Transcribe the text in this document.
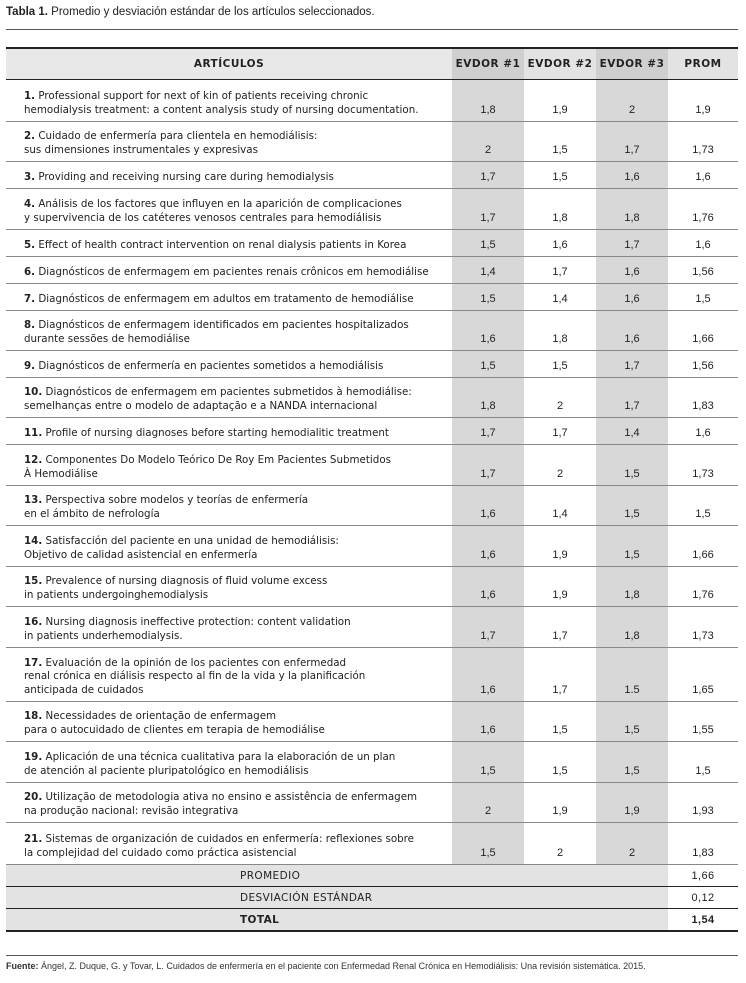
Tabla 1. Promedio y desviación estándar de los artículos seleccionados.
ARTÍCULOS	EVDOR #1	EVDOR #2	EVDOR #3	PROM

1. Professional support for next of kin of patients receiving chronic
hemodialysis treatment: a content analysis study of nursing documentation.	1,8	1,9	2	1,9

2. Cuidado de enfermería para clientela en hemodiálisis:
sus dimensiones instrumentales y expresivas	2	1,5	1,7	1,73

3. Providing and receiving nursing care during hemodialysis	1,7	1,5	1,6	1,6

4. Análisis de los factores que influyen en la aparición de complicaciones
y supervivencia de los catéteres venosos centrales para hemodiálisis	1,7	1,8	1,8	1,76

5. Effect of health contract intervention on renal dialysis patients in Korea	1,5	1,6	1,7	1,6

6. Diagnósticos de enfermagem em pacientes renais crônicos em hemodiálise	1,4	1,7	1,6	1,56

7. Diagnósticos de enfermagem em adultos em tratamento de hemodiálise	1,5	1,4	1,6	1,5

8. Diagnósticos de enfermagem identificados em pacientes hospitalizados
durante sessões de hemodiálise	1,6	1,8	1,6	1,66

9. Diagnósticos de enfermería en pacientes sometidos a hemodiálisis	1,5	1,5	1,7	1,56

10. Diagnósticos de enfermagem em pacientes submetidos à hemodiálise:
semelhanças entre o modelo de adaptação e a NANDA internacional	1,8	2	1,7	1,83

11. Profile of nursing diagnoses before starting hemodialitic treatment	1,7	1,7	1,4	1,6

12. Componentes Do Modelo Teórico De Roy Em Pacientes Submetidos
À Hemodiálise	1,7	2	1,5	1,73

13. Perspectiva sobre modelos y teorías de enfermería
en el ámbito de nefrología	1,6	1,4	1,5	1,5

14. Satisfacción del paciente en una unidad de hemodiálisis:
Objetivo de calidad asistencial en enfermería	1,6	1,9	1,5	1,66

15. Prevalence of nursing diagnosis of fluid volume excess
in patients undergoinghemodialysis	1,6	1,9	1,8	1,76

16. Nursing diagnosis ineffective protection: content validation
in patients underhemodialysis.	1,7	1,7	1,8	1,73

17. Evaluación de la opinión de los pacientes con enfermedad
renal crónica en diálisis respecto al fin de la vida y la planificación
anticipada de cuidados	1,6	1,7	1.5	1,65

18. Necessidades de orientação de enfermagem
para o autocuidado de clientes em terapia de hemodiálise	1,6	1,5	1,5	1,55

19. Aplicación de una técnica cualitativa para la elaboración de un plan
de atención al paciente pluripatológico en hemodiálisis	1,5	1,5	1,5	1,5

20. Utilização de metodologia ativa no ensino e assistência de enfermagem
na produção nacional: revisão integrativa	2	1,9	1,9	1,93

21. Sistemas de organización de cuidados en enfermería: reflexiones sobre
la complejidad del cuidado como práctica asistencial	1,5	2	2	1,83
PROMEDIO				1,66
DESVIACIÓN ESTÁNDAR				0,12
TOTAL				1,54
Fuente: Ángel, Z. Duque, G. y Tovar, L. Cuidados de enfermería en el paciente con Enfermedad Renal Crónica en Hemodiálisis: Una revisión sistemática. 2015.
